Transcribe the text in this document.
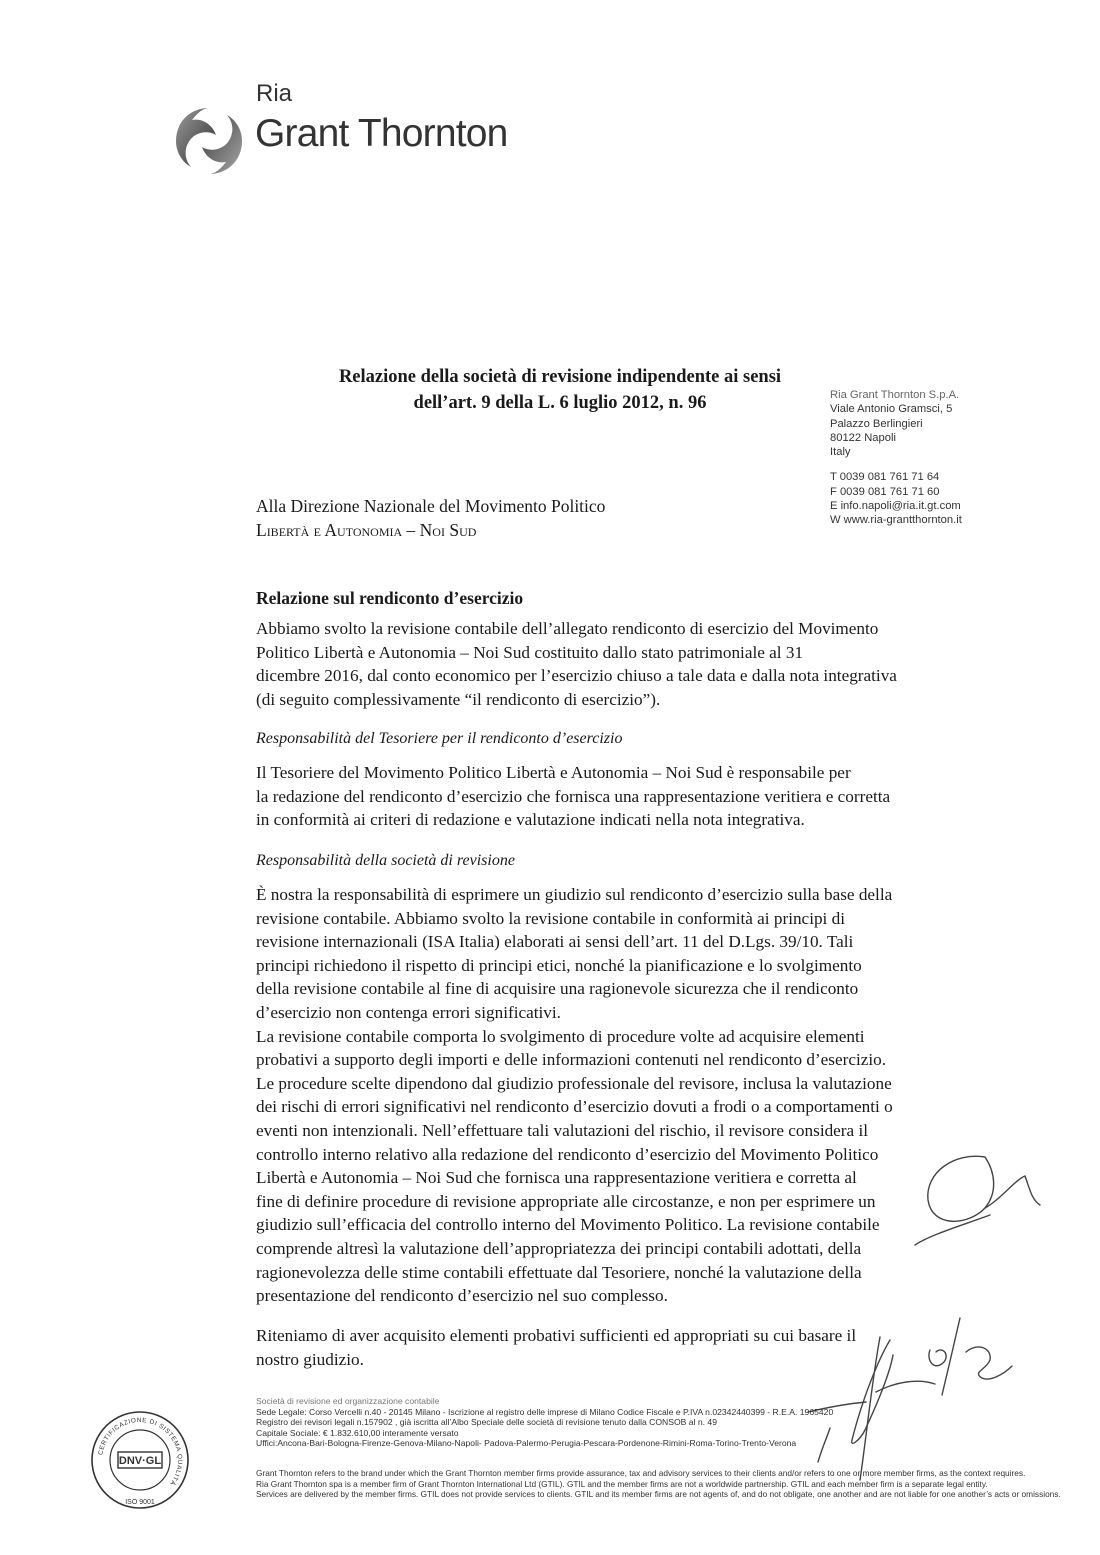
Ria
Grant Thornton
Relazione della società di revisione indipendente ai sensi
dell’art. 9 della L. 6 luglio 2012, n. 96	Ria Grant Thornton S.p.A.
Viale Antonio Gramsci, 5
Palazzo Berlingieri
80122 Napoli
Italy
T 0039 081 761 71 64
F 0039 081 761 71 60
E info.napoli@ria.it.gt.com
W www.ria-grantthornton.it
Alla Direzione Nazionale del Movimento Politico
Libertà e Autonomia – Noi Sud
Relazione sul rendiconto d’esercizio

Abbiamo svolto la revisione contabile dell’allegato rendiconto di esercizio del Movimento

Politico Libertà e Autonomia – Noi Sud costituito dallo stato patrimoniale al 31

dicembre 2016, dal conto economico per l’esercizio chiuso a tale data e dalla nota integrativa

(di seguito complessivamente “il rendiconto di esercizio”).

Responsabilità del Tesoriere per il rendiconto d’esercizio

Il Tesoriere del Movimento Politico Libertà e Autonomia – Noi Sud è responsabile per

la redazione del rendiconto d’esercizio che fornisca una rappresentazione veritiera e corretta

in conformità ai criteri di redazione e valutazione indicati nella nota integrativa.

Responsabilità della società di revisione

È nostra la responsabilità di esprimere un giudizio sul rendiconto d’esercizio sulla base della

revisione contabile. Abbiamo svolto la revisione contabile in conformità ai principi di

revisione internazionali (ISA Italia) elaborati ai sensi dell’art. 11 del D.Lgs. 39/10. Tali

principi richiedono il rispetto di principi etici, nonché la pianificazione e lo svolgimento

della revisione contabile al fine di acquisire una ragionevole sicurezza che il rendiconto

d’esercizio non contenga errori significativi.

La revisione contabile comporta lo svolgimento di procedure volte ad acquisire elementi

probativi a supporto degli importi e delle informazioni contenuti nel rendiconto d’esercizio.

Le procedure scelte dipendono dal giudizio professionale del revisore, inclusa la valutazione

dei rischi di errori significativi nel rendiconto d’esercizio dovuti a frodi o a comportamenti o

eventi non intenzionali. Nell’effettuare tali valutazioni del rischio, il revisore considera il

controllo interno relativo alla redazione del rendiconto d’esercizio del Movimento Politico

Libertà e Autonomia – Noi Sud che fornisca una rappresentazione veritiera e corretta al

fine di definire procedure di revisione appropriate alle circostanze, e non per esprimere un

giudizio sull’efficacia del controllo interno del Movimento Politico. La revisione contabile

comprende altresì la valutazione dell’appropriatezza dei principi contabili adottati, della

ragionevolezza delle stime contabili effettuate dal Tesoriere, nonché la valutazione della

presentazione del rendiconto d’esercizio nel suo complesso.

Riteniamo di aver acquisito elementi probativi sufficienti ed appropriati su cui basare il

nostro giudizio.

Società di revisione ed organizzazione contabile
Sede Legale: Corso Vercelli n.40 - 20145 Milano - Iscrizione al registro delle imprese di Milano Codice Fiscale e P.IVA n.02342440399 - R.E.A. 1965420
Registro dei revisori legali n.157902 , già iscritta all’Albo Speciale delle società di revisione tenuto dalla CONSOB al n. 49
Capitale Sociale: € 1.832.610,00 interamente versato
Uffici:Ancona-Bari-Bologna-Firenze-Genova-Milano-Napoli- Padova-Palermo-Perugia-Pescara-Pordenone-Rimini-Roma-Torino-Trento-Verona
Grant Thornton refers to the brand under which the Grant Thornton member firms provide assurance, tax and advisory services to their clients and/or refers to one or more member firms, as the context requires.
Ria Grant Thornton spa is a member firm of Grant Thornton International Ltd (GTIL). GTIL and the member firms are not a worldwide partnership. GTIL and each member firm is a separate legal entity.
Services are delivered by the member firms. GTIL does not provide services to clients. GTIL and its member firms are not agents of, and do not obligate, one another and are not liable for one another’s acts or omissions.
CERTIFICAZIONE DI SISTEMA QUALITÀ
DNV·GL
ISO 9001
